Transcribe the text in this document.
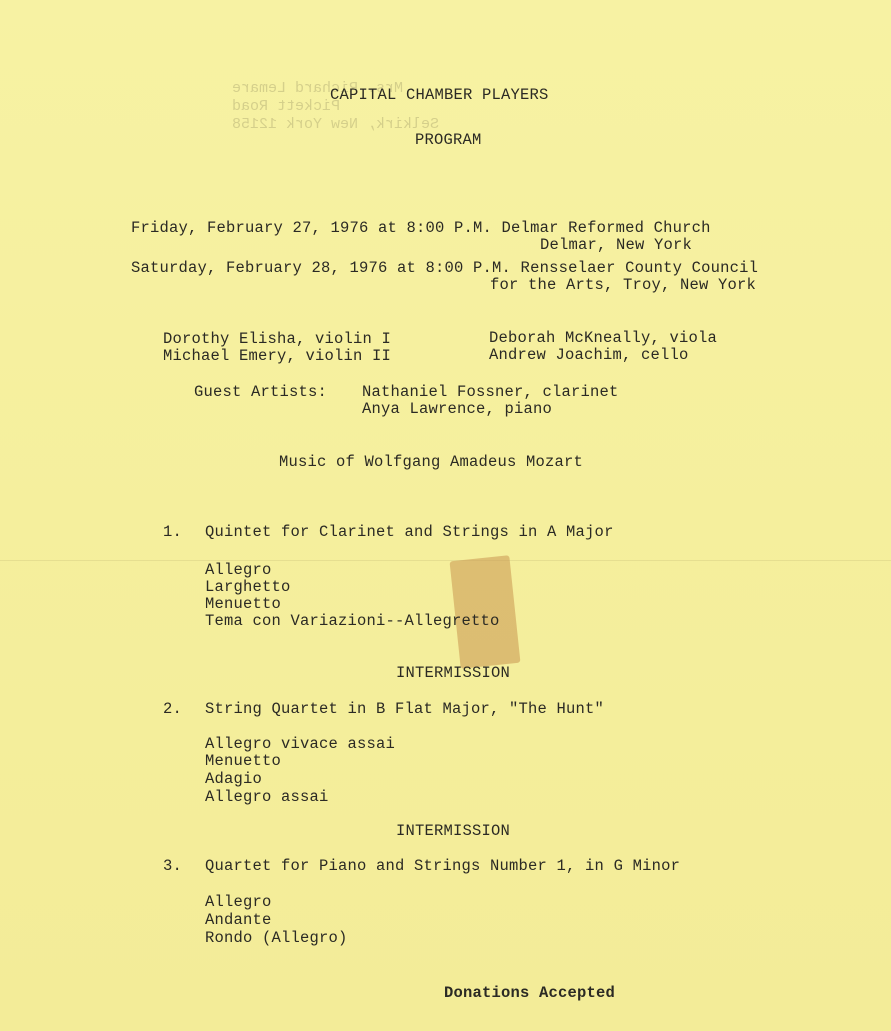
Mrs. Richard Lemare
Pickett Road
Selkirk, New York 12158
CAPITAL CHAMBER PLAYERS
PROGRAM
Friday, February 27, 1976 at 8:00 P.M. Delmar Reformed Church
Delmar, New York
Saturday, February 28, 1976 at 8:00 P.M. Rensselaer County Council
for the Arts, Troy, New York
Dorothy Elisha, violin I
Michael Emery, violin II
Deborah McKneally, viola
Andrew Joachim, cello
Guest Artists: Nathaniel Fossner, clarinet
Anya Lawrence, piano
Music of Wolfgang Amadeus Mozart
1. Quintet for Clarinet and Strings in A Major
Allegro
Larghetto
Menuetto
Tema con Variazioni--Allegretto
INTERMISSION
2. String Quartet in B Flat Major, "The Hunt"
Allegro vivace assai
Menuetto
Adagio
Allegro assai
INTERMISSION
3. Quartet for Piano and Strings Number 1, in G Minor
Allegro
Andante
Rondo (Allegro)
Donations Accepted
